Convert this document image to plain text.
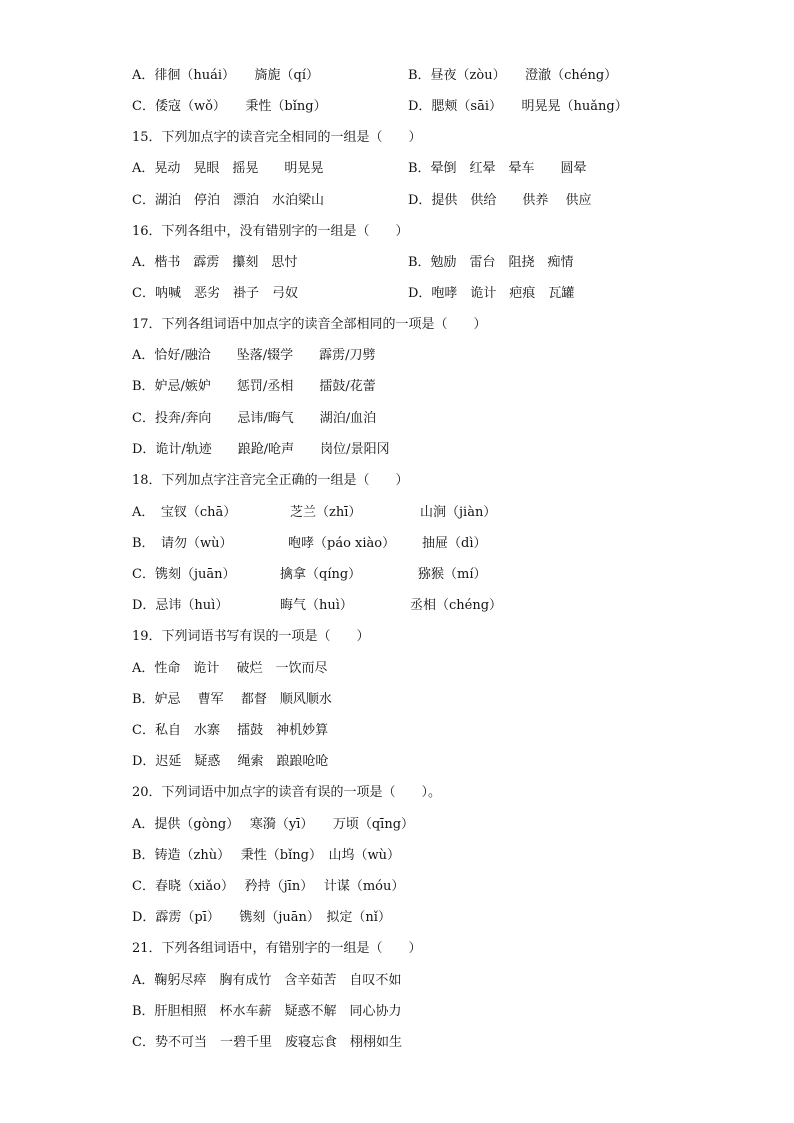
A．徘徊（huái）　　旖旎（qí）	B．昼夜（zòu）　　澄澈（chéng）
C．倭寇（wǒ）　　秉性（bǐng）	D．腮颊（sāi）　　明晃晃（huǎng）
15．下列加点字的读音完全相同的一组是（　　）
A．晃动　晃眼　摇晃　　明晃晃	B．晕倒　红晕　晕车　　圆晕
C．湖泊　停泊　漂泊　水泊梁山	D．提供　供给　　供养　 供应
16．下列各组中，没有错别字的一组是（　　）
A．楷书　霹雳　攥刻　思忖	B．勉励　雷台　阻挠　痴情
C．呐喊　恶劣　褂子　弓奴	D．咆哮　诡计　疤痕　瓦罐
17．下列各组词语中加点字的读音全部相同的一项是（　　）
A．恰好/融洽　　坠落/辍学　　霹雳/刀劈
B．妒忌/嫉妒　　惩罚/丞相　　擂鼓/花蕾
C．投奔/奔向　　忌讳/晦气　　湖泊/血泊
D．诡计/轨迹　　踉跄/呛声　　岗位/景阳冈
18．下列加点字注音完全正确的一组是（　　）
A．　宝钗（chā）	芝兰（zhī）	山涧（jiàn）
B．　请勿（wù）	咆哮（páo xiào） 抽屉（dì）
C．镌刻（juān）	擒拿（qíng）	猕猴（mí）
D．忌讳（huì）	晦气（huì）	丞相（chéng）
19．下列词语书写有误的一项是（　　）
A．性命　诡计　 破烂　一饮而尽
B．妒忌　 曹军　 都督　顺风顺水
C．私自　水寨　 擂鼓　神机妙算
D．迟延　疑惑　 绳索　踉踉呛呛
20．下列词语中加点字的读音有误的一项是（　　）。
A．提供（gòng）　 寒漪（yī）　　万顷（qīng）
B．铸造（zhù）　 秉性（bǐng）　山坞（wù）
C．春晓（xiǎo）　 矜持（jīn）　 计谋（móu）
D．霹雳（pī）　　镌刻（juān）　拟定（nǐ）
21．下列各组词语中，有错别字的一组是（　　）
A．鞠躬尽瘁　胸有成竹　含辛茹苦　自叹不如
B．肝胆相照　杯水车薪　疑惑不解　同心协力
C．势不可当　一碧千里　废寝忘食　栩栩如生
